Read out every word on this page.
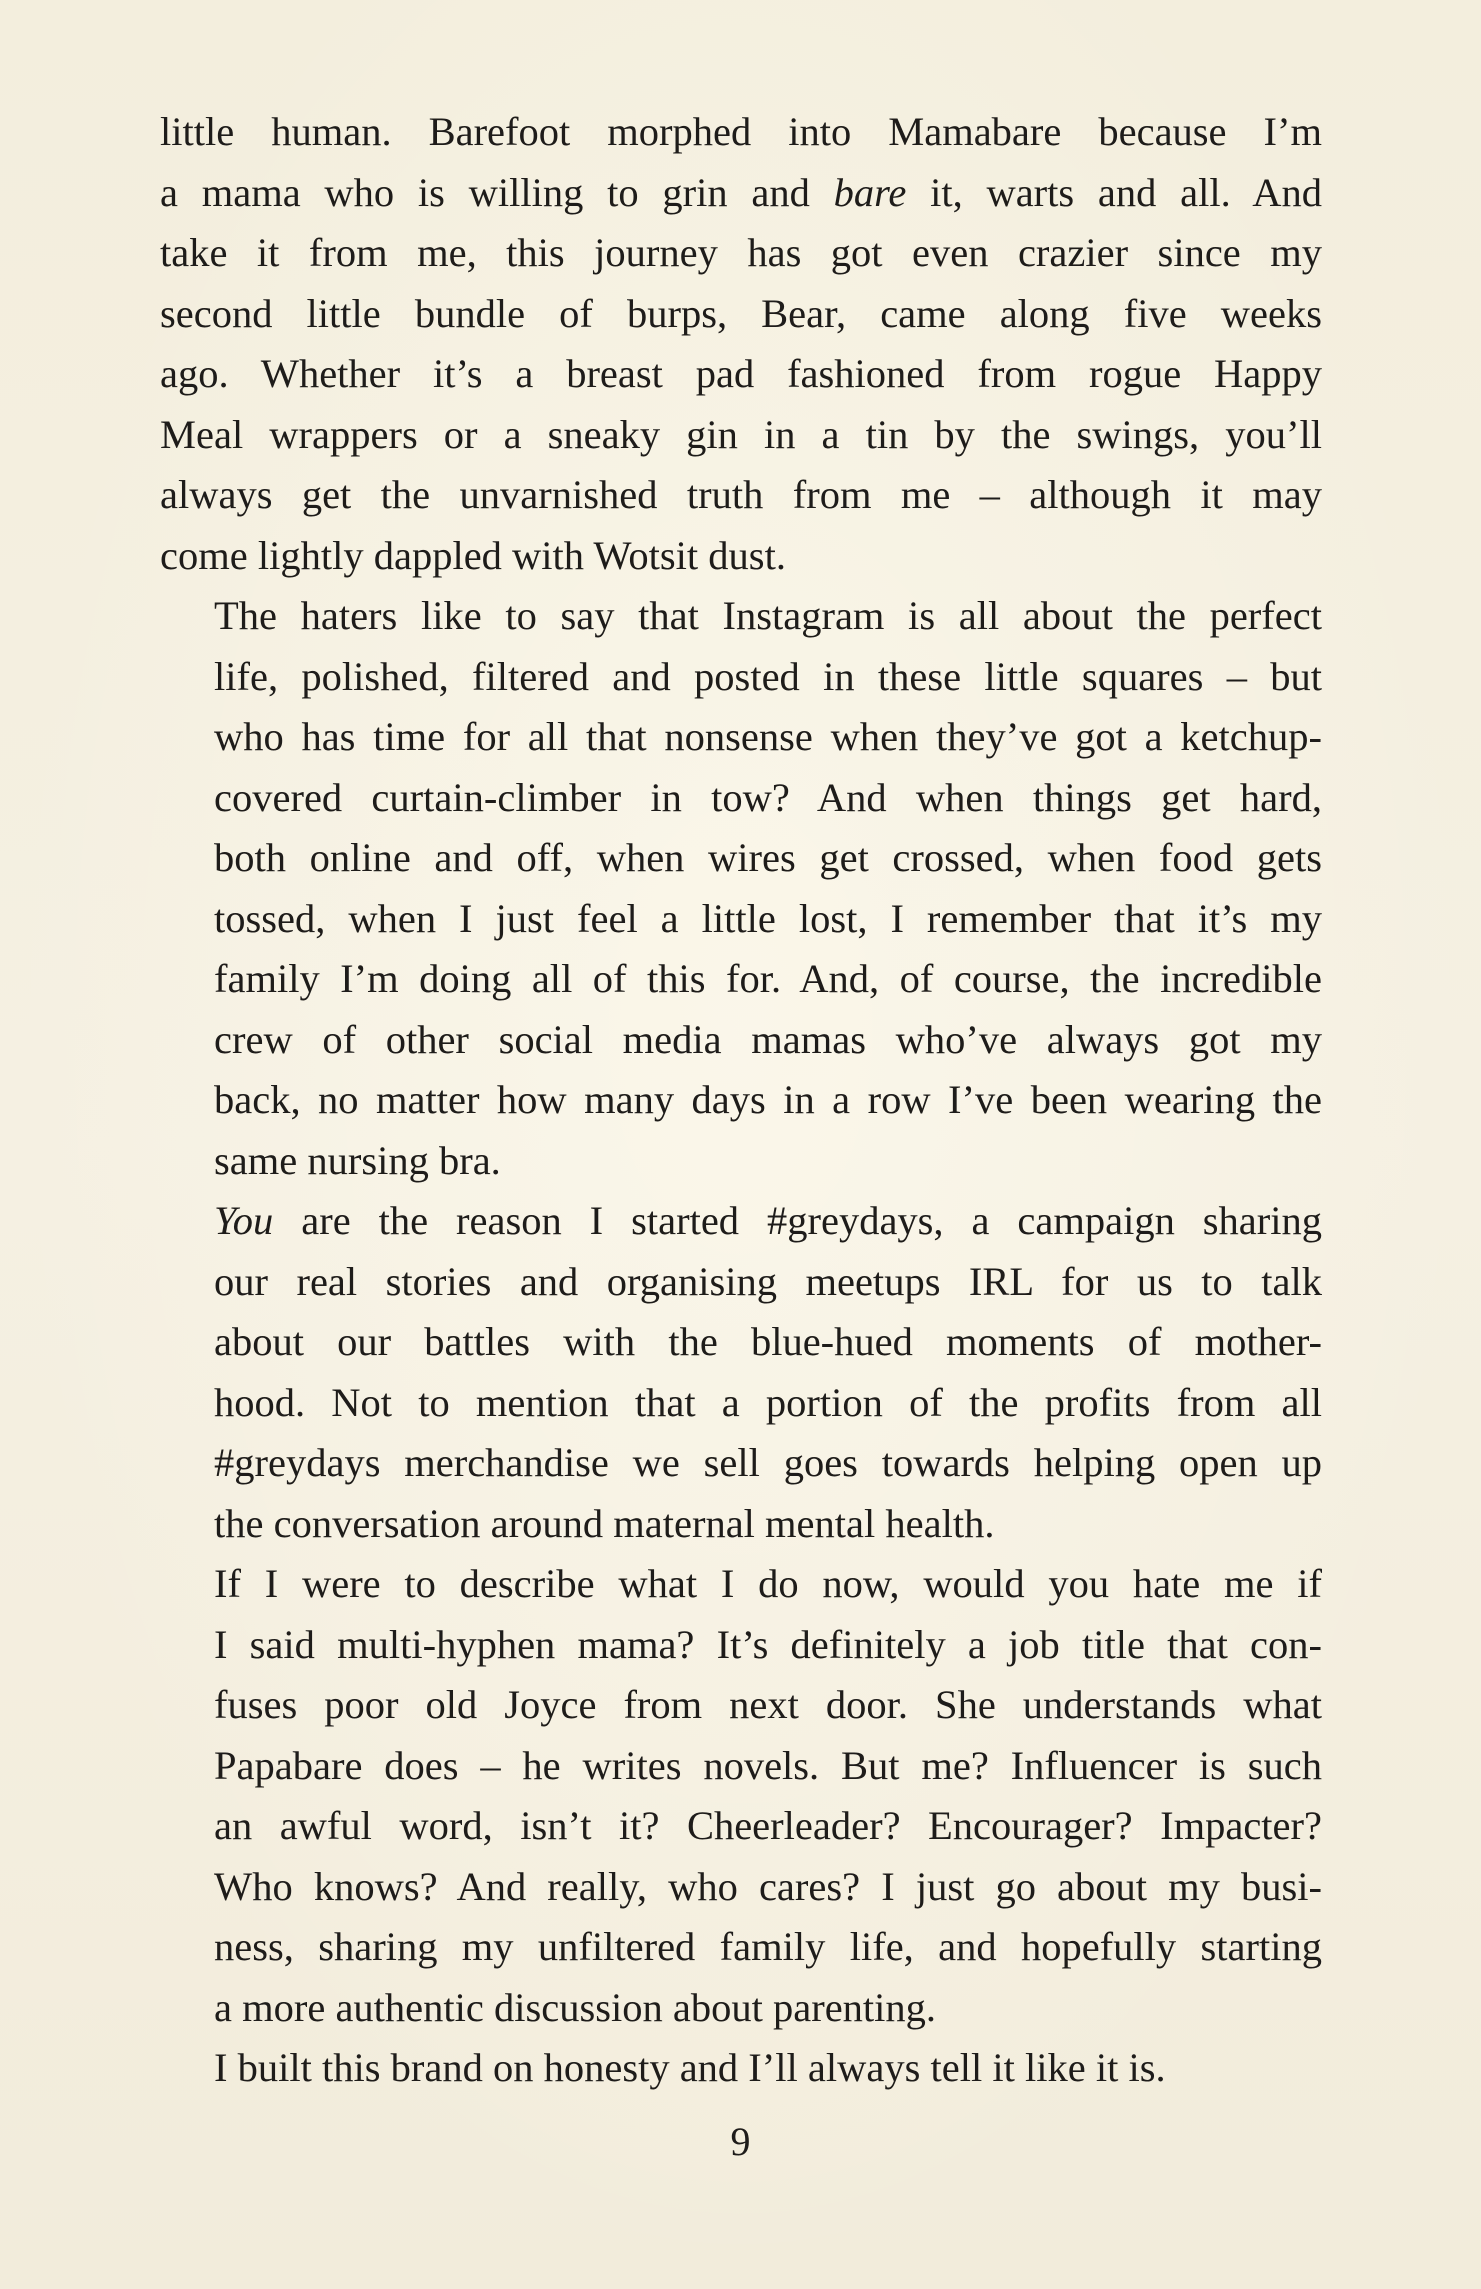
little human. Barefoot morphed into Mamabare because I’m
a mama who is willing to grin and bare it, warts and all. And
take it from me, this journey has got even crazier since my
second little bundle of burps, Bear, came along five weeks
ago. Whether it’s a breast pad fashioned from rogue Happy
Meal wrappers or a sneaky gin in a tin by the swings, you’ll
always get the unvarnished truth from me – although it may
come lightly dappled with Wotsit dust.
The haters like to say that Instagram is all about the perfect
life, polished, filtered and posted in these little squares – but
who has time for all that nonsense when they’ve got a ketchup-
covered curtain-climber in tow? And when things get hard,
both online and off, when wires get crossed, when food gets
tossed, when I just feel a little lost, I remember that it’s my
family I’m doing all of this for. And, of course, the incredible
crew of other social media mamas who’ve always got my
back, no matter how many days in a row I’ve been wearing the
same nursing bra.
You are the reason I started #greydays, a campaign sharing
our real stories and organising meetups IRL for us to talk
about our battles with the blue-hued moments of mother-
hood. Not to mention that a portion of the profits from all
#greydays merchandise we sell goes towards helping open up
the conversation around maternal mental health.
If I were to describe what I do now, would you hate me if
I said multi-hyphen mama? It’s definitely a job title that con-
fuses poor old Joyce from next door. She understands what
Papabare does – he writes novels. But me? Influencer is such
an awful word, isn’t it? Cheerleader? Encourager? Impacter?
Who knows? And really, who cares? I just go about my busi-
ness, sharing my unfiltered family life, and hopefully starting
a more authentic discussion about parenting.
I built this brand on honesty and I’ll always tell it like it is.
9
